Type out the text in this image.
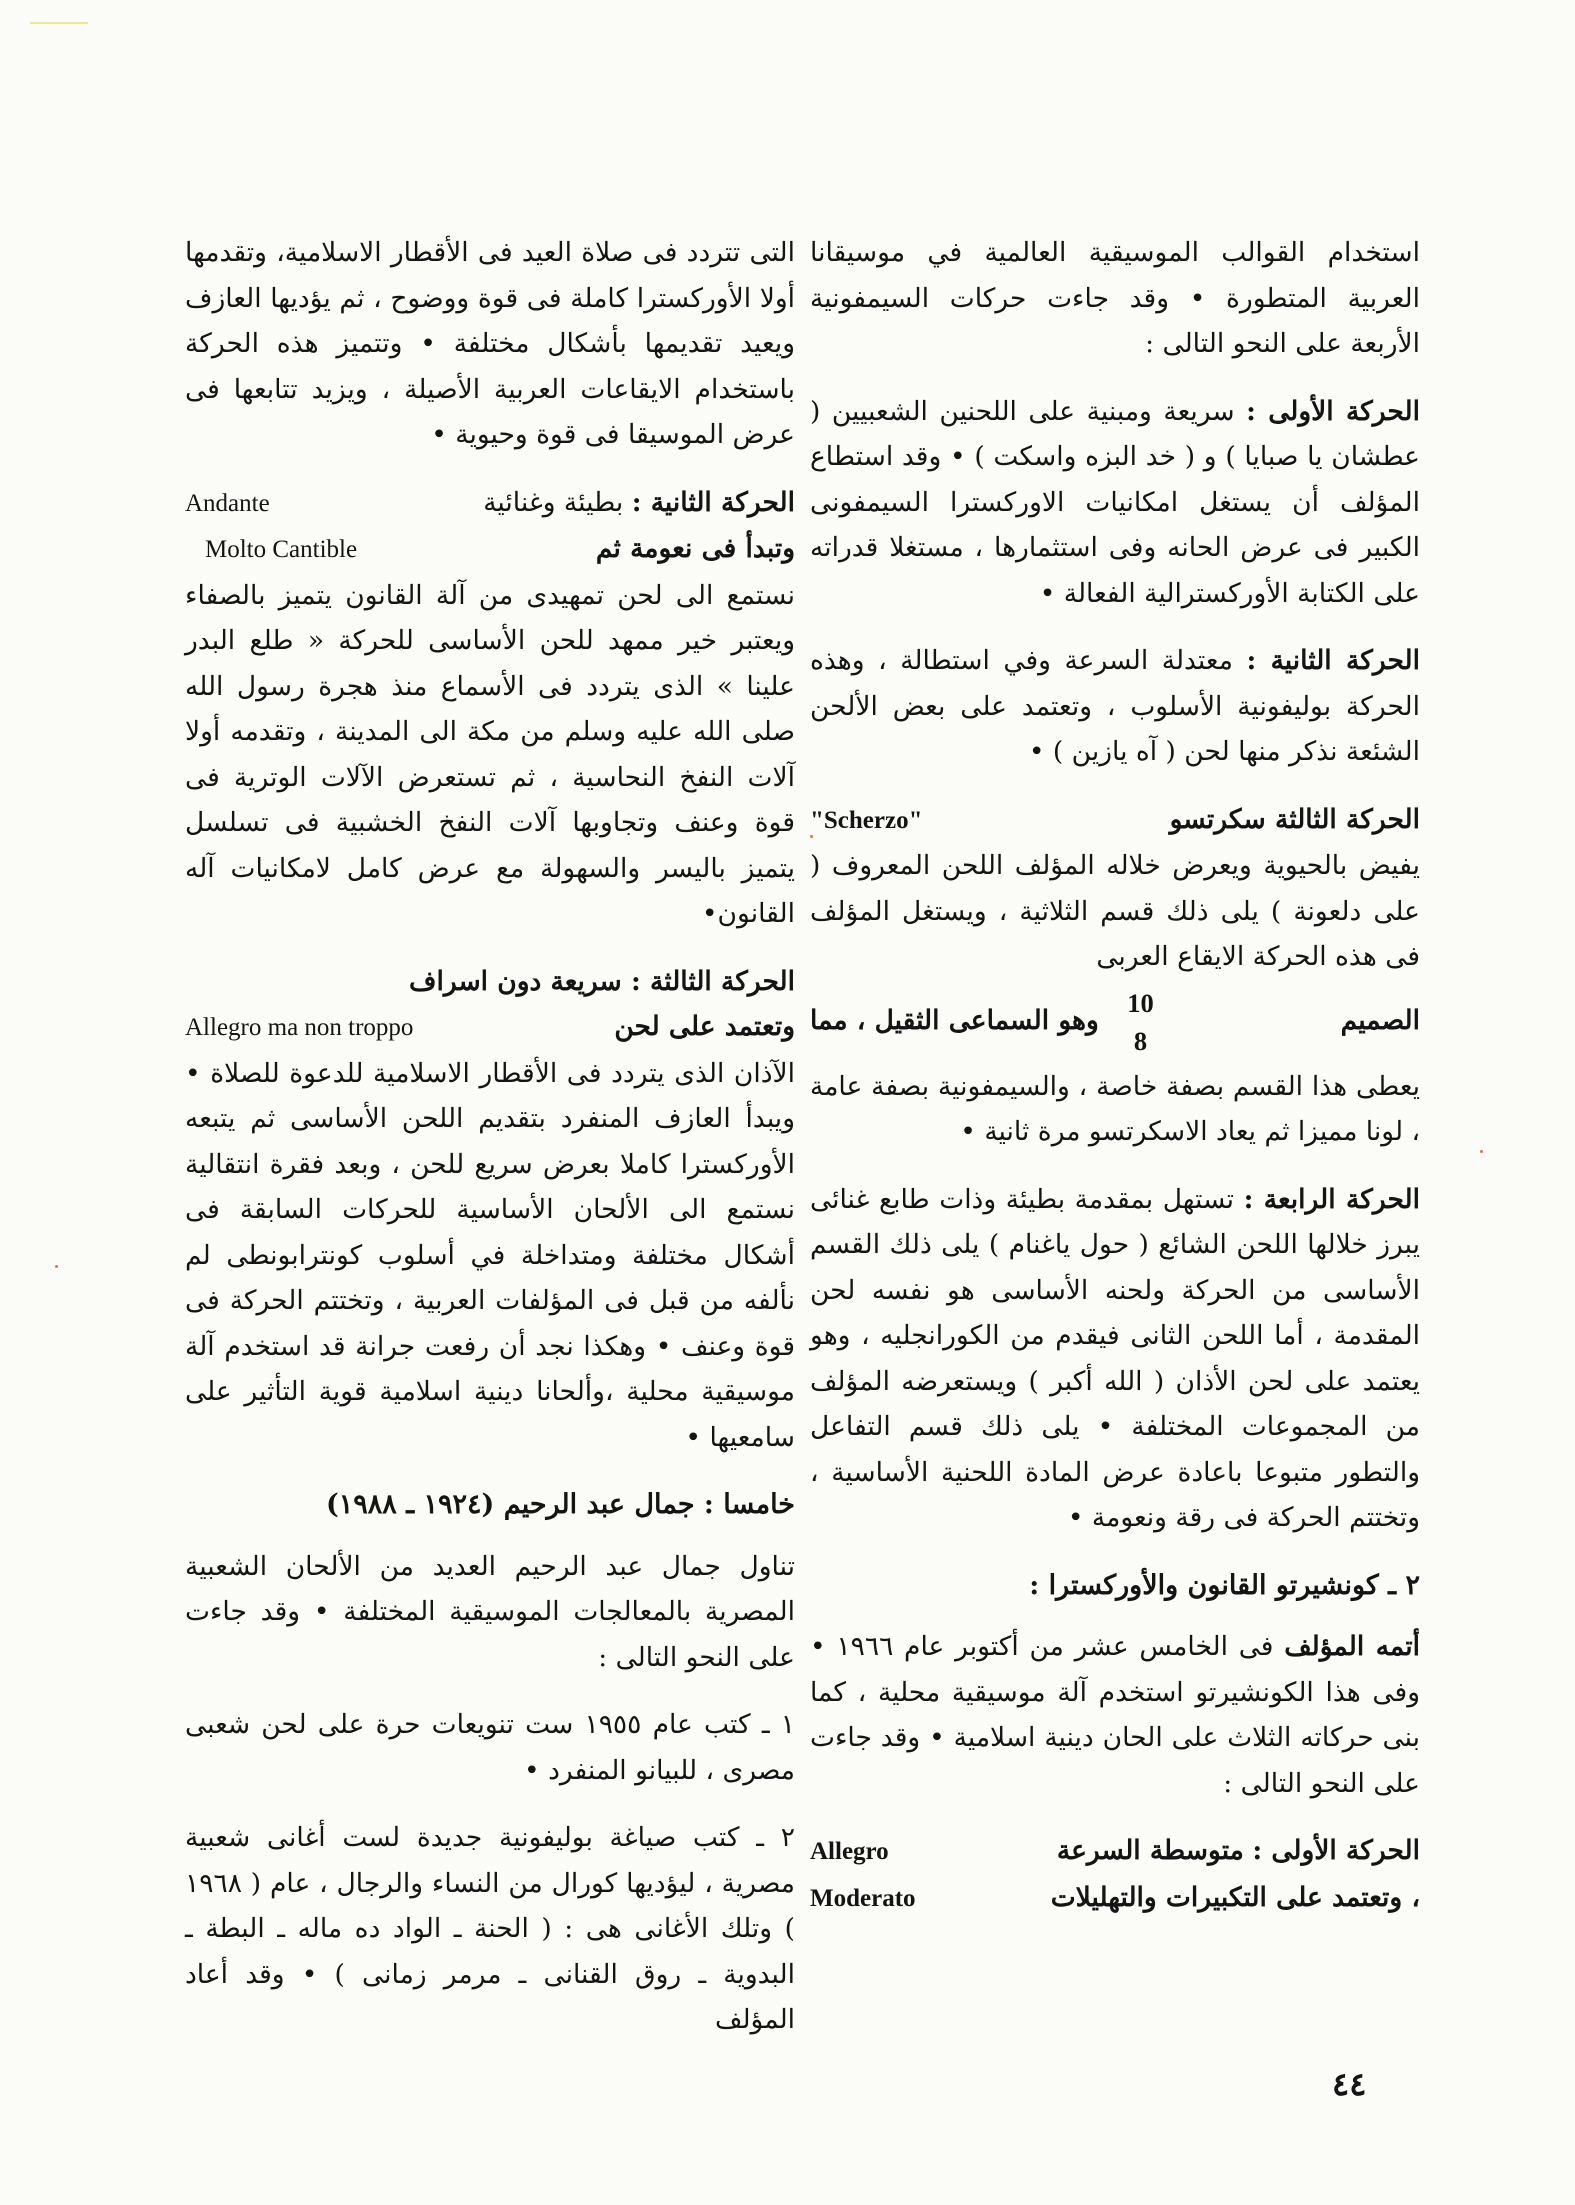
استخدام القوالب الموسيقية العالمية في موسيقانا العربية المتطورة • وقد جاءت حركات السيمفونية الأربعة على النحو التالى :

الحركة الأولى : سريعة ومبنية على اللحنين الشعبيين ( عطشان يا صبايا ) و ( خد البزه واسكت ) • وقد استطاع المؤلف أن يستغل امكانيات الاوركسترا السيمفونى الكبير فى عرض الحانه وفى استثمارها ، مستغلا قدراته على الكتابة الأوركسترالية الفعالة •

الحركة الثانية : معتدلة السرعة وفي استطالة ، وهذه الحركة بوليفونية الأسلوب ، وتعتمد على بعض الألحن الشئعة نذكر منها لحن ( آه يازين ) •

الحركة الثالثة سكرتسو
"Scherzo"
يفيض بالحيوية ويعرض خلاله المؤلف اللحن المعروف ( على دلعونة ) يلى ذلك قسم الثلاثية ، ويستغل المؤلف فى هذه الحركة الايقاع العربى
الصميم
10
8
وهو السماعى الثقيل ، مما
يعطى هذا القسم بصفة خاصة ، والسيمفونية بصفة عامة ، لونا مميزا ثم يعاد الاسكرتسو مرة ثانية •

الحركة الرابعة : تستهل بمقدمة بطيئة وذات طابع غنائى يبرز خلالها اللحن الشائع ( حول ياغنام ) يلى ذلك القسم الأساسى من الحركة ولحنه الأساسى هو نفسه لحن المقدمة ، أما اللحن الثانى فيقدم من الكورانجليه ، وهو يعتمد على لحن الأذان ( الله أكبر ) ويستعرضه المؤلف من المجموعات المختلفة • يلى ذلك قسم التفاعل والتطور متبوعا باعادة عرض المادة اللحنية الأساسية ، وتختتم الحركة فى رقة ونعومة •

٢ ـ كونشيرتو القانون والأوركسترا :

أتمه المؤلف فى الخامس عشر من أكتوبر عام ١٩٦٦ • وفى هذا الكونشيرتو استخدم آلة موسيقية محلية ، كما بنى حركاته الثلاث على الحان دينية اسلامية • وقد جاءت على النحو التالى :

الحركة الأولى : متوسطة السرعة
Allegro
، وتعتمد على التكبيرات والتهليلات
Moderato

التى تتردد فى صلاة العيد فى الأقطار الاسلامية، وتقدمها أولا الأوركسترا كاملة فى قوة ووضوح ، ثم يؤديها العازف ويعيد تقديمها بأشكال مختلفة • وتتميز هذه الحركة باستخدام الايقاعات العربية الأصيلة ، ويزيد تتابعها فى عرض الموسيقا فى قوة وحيوية •

الحركة الثانية : بطيئة وغنائية
Andante
وتبدأ فى نعومة ثم
Molto Cantible
نستمع الى لحن تمهيدى من آلة القانون يتميز بالصفاء ويعتبر خير ممهد للحن الأساسى للحركة « طلع البدر علينا » الذى يتردد فى الأسماع منذ هجرة رسول الله صلى الله عليه وسلم من مكة الى المدينة ، وتقدمه أولا آلات النفخ النحاسية ، ثم تستعرض الآلات الوترية فى قوة وعنف وتجاوبها آلات النفخ الخشبية فى تسلسل يتميز باليسر والسهولة مع عرض كامل لامكانيات آله القانون•
الحركة الثالثة : سريعة دون اسراف
وتعتمد على لحن
Allegro ma non troppo
الآذان الذى يتردد فى الأقطار الاسلامية للدعوة للصلاة • ويبدأ العازف المنفرد بتقديم اللحن الأساسى ثم يتبعه الأوركسترا كاملا بعرض سريع للحن ، وبعد فقرة انتقالية نستمع الى الألحان الأساسية للحركات السابقة فى أشكال مختلفة ومتداخلة في أسلوب كونترابونطى لم نألفه من قبل فى المؤلفات العربية ، وتختتم الحركة فى قوة وعنف • وهكذا نجد أن رفعت جرانة قد استخدم آلة موسيقية محلية ،وألحانا دينية اسلامية قوية التأثير على سامعيها •
خامسا : جمال عبد الرحيم (١٩٢٤ ـ ١٩٨٨)

تناول جمال عبد الرحيم العديد من الألحان الشعبية المصرية بالمعالجات الموسيقية المختلفة • وقد جاءت على النحو التالى :

١ ـ كتب عام ١٩٥٥ ست تنويعات حرة على لحن شعبى مصرى ، للبيانو المنفرد •

٢ ـ كتب صياغة بوليفونية جديدة لست أغانى شعبية مصرية ، ليؤديها كورال من النساء والرجال ، عام ( ١٩٦٨ ) وتلك الأغانى هى : ( الحنة ـ الواد ده ماله ـ البطة ـ البدوية ـ روق القنانى ـ مرمر زمانى ) • وقد أعاد المؤلف

٤٤
